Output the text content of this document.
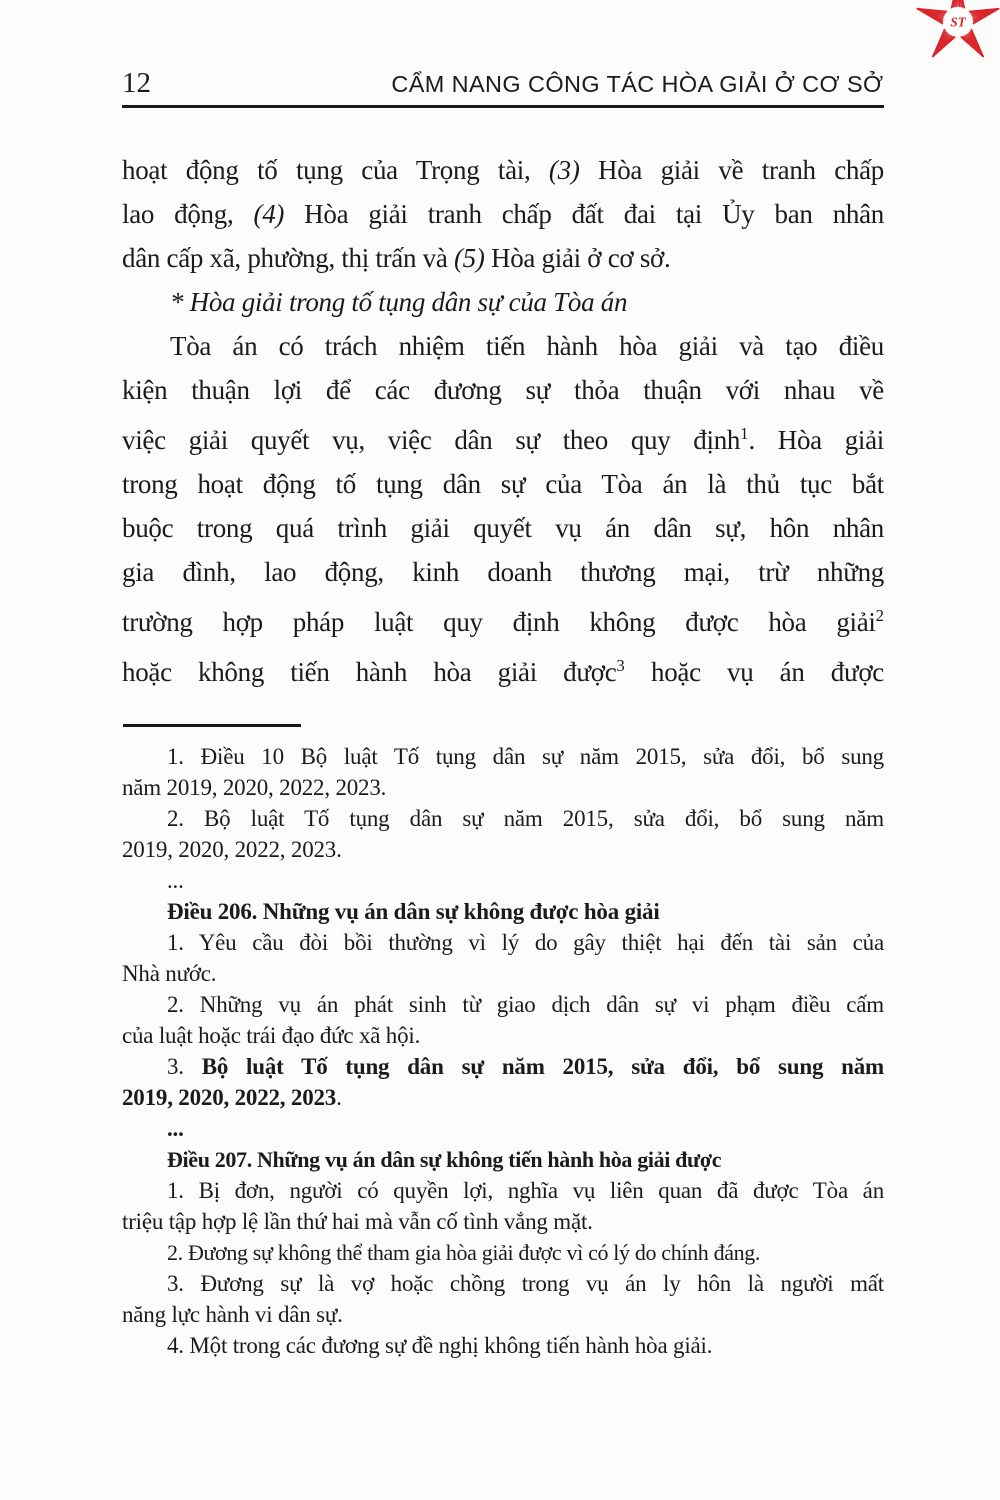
ST
12	CẨM NANG CÔNG TÁC HÒA GIẢI Ở CƠ SỞ
hoạt động tố tụng của Trọng tài, (3) Hòa giải về tranh chấp
lao động, (4) Hòa giải tranh chấp đất đai tại Ủy ban nhân
dân cấp xã, phường, thị trấn và (5) Hòa giải ở cơ sở.
* Hòa giải trong tố tụng dân sự của Tòa án
Tòa án có trách nhiệm tiến hành hòa giải và tạo điều
kiện thuận lợi để các đương sự thỏa thuận với nhau về
việc giải quyết vụ, việc dân sự theo quy định$^1$. Hòa giải
trong hoạt động tố tụng dân sự của Tòa án là thủ tục bắt
buộc trong quá trình giải quyết vụ án dân sự, hôn nhân
gia đình, lao động, kinh doanh thương mại, trừ những
trường hợp pháp luật quy định không được hòa giải$^2$
hoặc không tiến hành hòa giải được$^3$ hoặc vụ án được
1. Điều 10 Bộ luật Tố tụng dân sự năm 2015, sửa đổi, bổ sung
năm 2019, 2020, 2022, 2023.
2. Bộ luật Tố tụng dân sự năm 2015, sửa đổi, bổ sung năm
2019, 2020, 2022, 2023.
...
Điều 206. Những vụ án dân sự không được hòa giải
1. Yêu cầu đòi bồi thường vì lý do gây thiệt hại đến tài sản của
Nhà nước.
2. Những vụ án phát sinh từ giao dịch dân sự vi phạm điều cấm
của luật hoặc trái đạo đức xã hội.
3. Bộ luật Tố tụng dân sự năm 2015, sửa đổi, bổ sung năm
2019, 2020, 2022, 2023.
...
Điều 207. Những vụ án dân sự không tiến hành hòa giải được
1. Bị đơn, người có quyền lợi, nghĩa vụ liên quan đã được Tòa án
triệu tập hợp lệ lần thứ hai mà vẫn cố tình vắng mặt.
2. Đương sự không thể tham gia hòa giải được vì có lý do chính đáng.
3. Đương sự là vợ hoặc chồng trong vụ án ly hôn là người mất
năng lực hành vi dân sự.
4. Một trong các đương sự đề nghị không tiến hành hòa giải.
